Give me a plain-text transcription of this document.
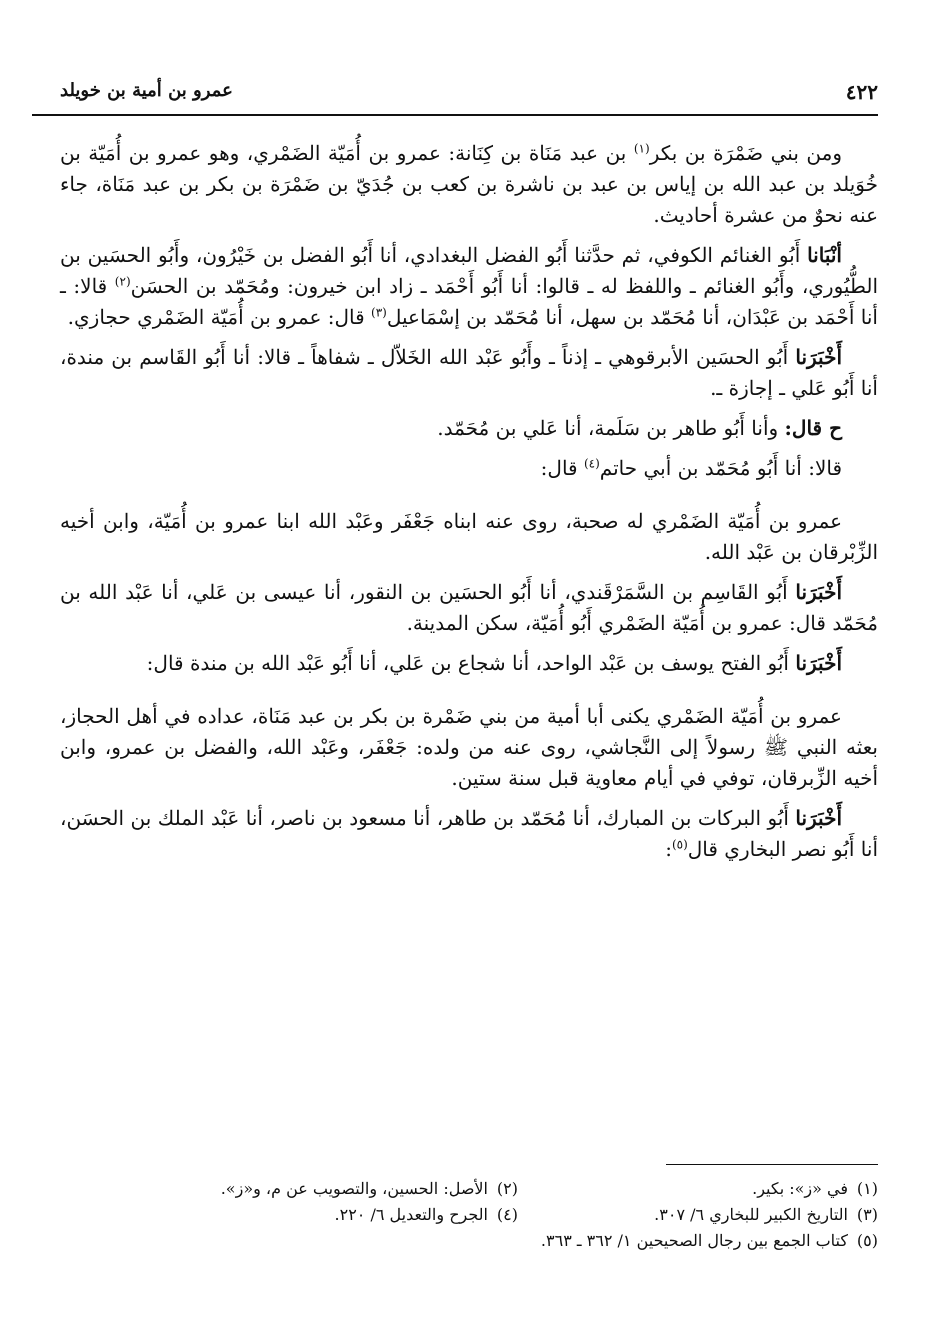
٤٢٢
عمرو بن أمية بن خويلد

ومن بني ضَمْرَة بن بكر$^{(١)}$ بن عبد مَنَاة بن كِنَانة: عمرو بن أُمَيّة الضَمْري، وهو عمرو بن أُمَيّة بن خُوَيلد بن عبد الله بن إياس بن عبد بن ناشرة بن كعب بن جُدَيّ بن ضَمْرَة بن بكر بن عبد مَنَاة، جاء عنه نحوٌ من عشرة أحاديث.

أنْبَانا أَبُو الغنائم الكوفي، ثم حدَّثنا أَبُو الفضل البغدادي، أنا أَبُو الفضل بن خَيْرُون، وأَبُو الحسَين بن الطُّيُوري، وأَبُو الغنائم ـ واللفظ له ـ قالوا: أنا أَبُو أَحْمَد ـ زاد ابن خيرون: ومُحَمّد بن الحسَن$^{(٢)}$ قالا: ـ أنا أَحْمَد بن عَبْدَان، أنا مُحَمّد بن سهل، أنا مُحَمّد بن إسْمَاعيل$^{(٣)}$ قال: عمرو بن أُمَيّة الضَمْري حجازي.

أَخْبَرَنا أَبُو الحسَين الأبرقوهي ـ إذناً ـ وأَبُو عَبْد الله الخَلاّل ـ شفاهاً ـ قالا: أنا أَبُو القَاسم بن مندة، أنا أَبُو عَلي ـ إجازة ـ.

ح قال: وأنا أَبُو طاهر بن سَلَمة، أنا عَلي بن مُحَمّد.

قالا: أنا أَبُو مُحَمّد بن أبي حاتم$^{(٤)}$ قال:

عمرو بن أُمَيّة الضَمْري له صحبة، روى عنه ابناه جَعْفَر وعَبْد الله ابنا عمرو بن أُمَيّة، وابن أخيه الزِّبْرقان بن عَبْد الله.

أَخْبَرَنا أَبُو القَاسِم بن السَّمَرْقَندي، أنا أَبُو الحسَين بن النقور، أنا عيسى بن عَلي، أنا عَبْد الله بن مُحَمّد قال: عمرو بن أُمَيّة الضَمْري أَبُو أُمَيّة، سكن المدينة.

أَخْبَرَنا أَبُو الفتح يوسف بن عَبْد الواحد، أنا شجاع بن عَلي، أنا أَبُو عَبْد الله بن مندة قال:

عمرو بن أُمَيّة الضَمْري يكنى أبا أمية من بني ضَمْرة بن بكر بن عبد مَنَاة، عداده في أهل الحجاز، بعثه النبي ﷺ رسولاً إلى النَّجاشي، روى عنه من ولده: جَعْفَر، وعَبْد الله، والفضل بن عمرو، وابن أخيه الزِّبرقان، توفي في أيام معاوية قبل سنة ستين.

أَخْبَرَنا أَبُو البركات بن المبارك، أنا مُحَمّد بن طاهر، أنا مسعود بن ناصر، أنا عَبْد الملك بن الحسَن، أنا أَبُو نصر البخاري قال$^{(٥)}$:

(١)في «ز»: بكير.
(٢)الأصل: الحسين، والتصويب عن م، و«ز».
(٣)التاريخ الكبير للبخاري ٦/ ٣٠٧.
(٤)الجرح والتعديل ٦/ ٢٢٠.
(٥)كتاب الجمع بين رجال الصحيحين ١/ ٣٦٢ ـ ٣٦٣.
